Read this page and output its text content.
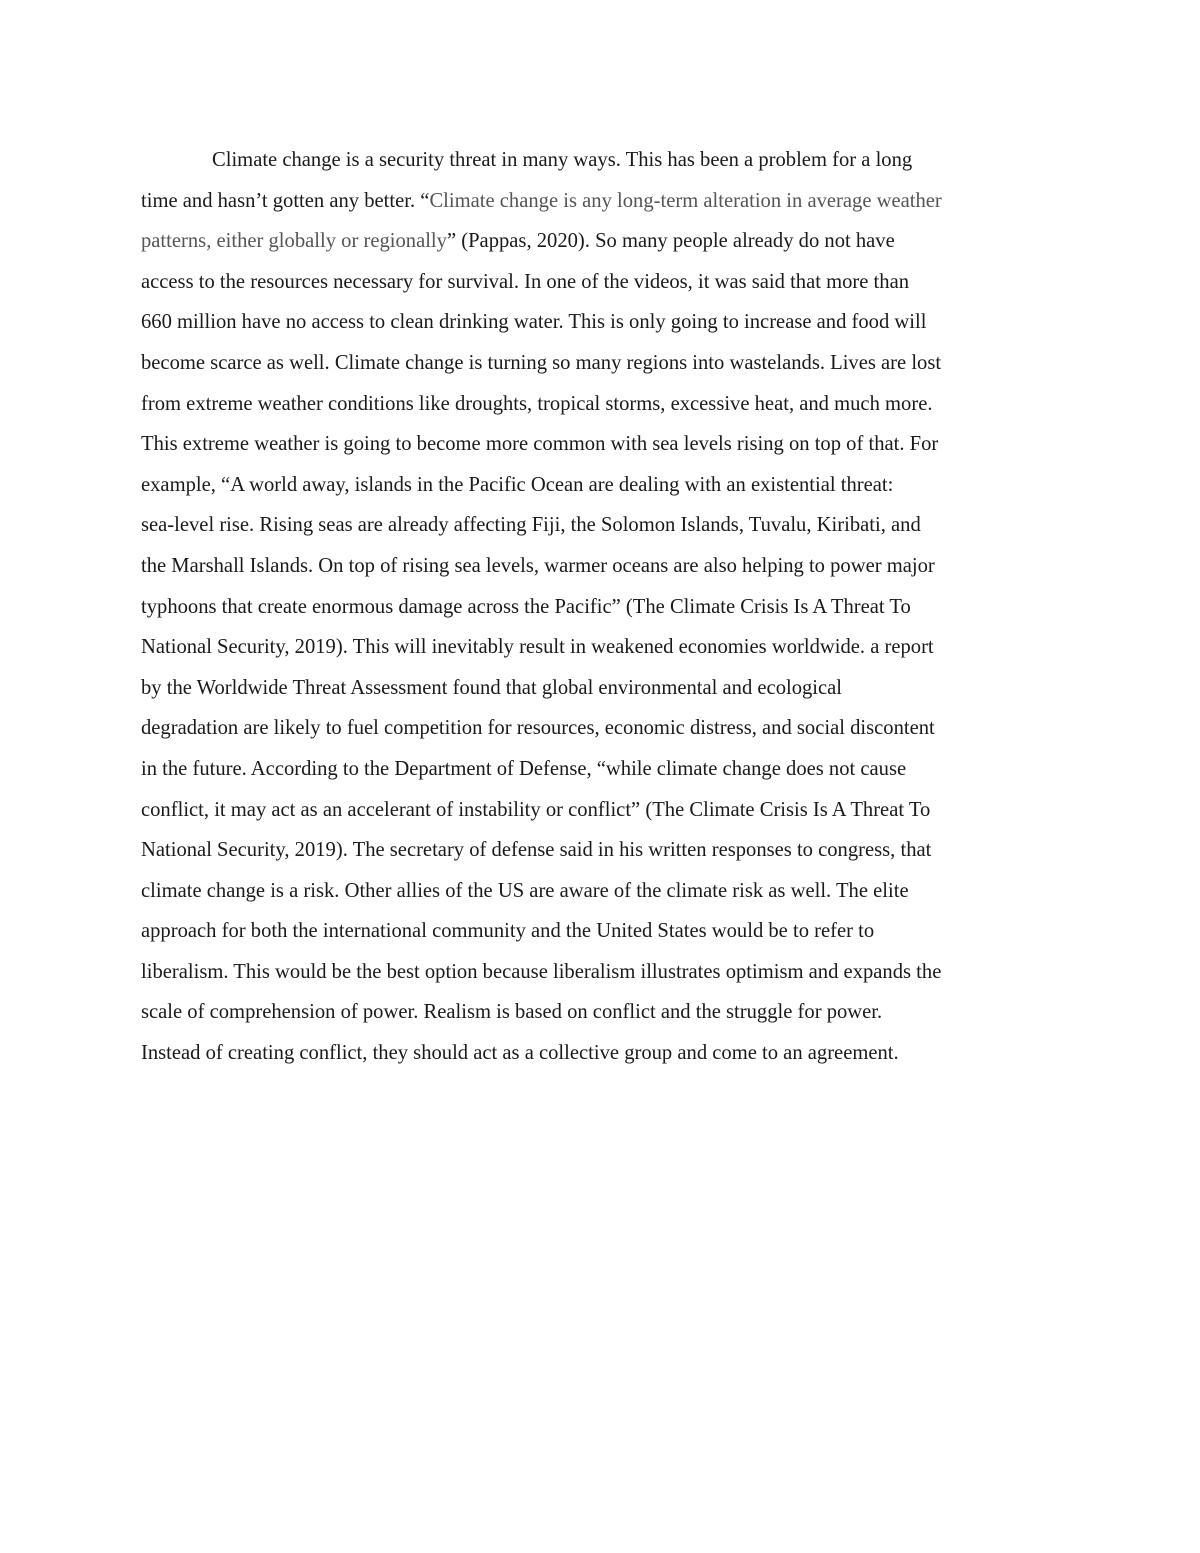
Climate change is a security threat in many ways. This has been a problem for a long
time and hasn’t gotten any better. “Climate change is any long-term alteration in average weather
patterns, either globally or regionally” (Pappas, 2020). So many people already do not have
access to the resources necessary for survival. In one of the videos, it was said that more than
660 million have no access to clean drinking water. This is only going to increase and food will
become scarce as well. Climate change is turning so many regions into wastelands. Lives are lost
from extreme weather conditions like droughts, tropical storms, excessive heat, and much more.
This extreme weather is going to become more common with sea levels rising on top of that. For
example, “A world away, islands in the Pacific Ocean are dealing with an existential threat:
sea-level rise. Rising seas are already affecting Fiji, the Solomon Islands, Tuvalu, Kiribati, and
the Marshall Islands. On top of rising sea levels, warmer oceans are also helping to power major
typhoons that create enormous damage across the Pacific” (The Climate Crisis Is A Threat To
National Security, 2019). This will inevitably result in weakened economies worldwide. a report
by the Worldwide Threat Assessment found that global environmental and ecological
degradation are likely to fuel competition for resources, economic distress, and social discontent
in the future. According to the Department of Defense, “while climate change does not cause
conflict, it may act as an accelerant of instability or conflict” (The Climate Crisis Is A Threat To
National Security, 2019). The secretary of defense said in his written responses to congress, that
climate change is a risk. Other allies of the US are aware of the climate risk as well. The elite
approach for both the international community and the United States would be to refer to
liberalism. This would be the best option because liberalism illustrates optimism and expands the
scale of comprehension of power. Realism is based on conflict and the struggle for power.
Instead of creating conflict, they should act as a collective group and come to an agreement.
